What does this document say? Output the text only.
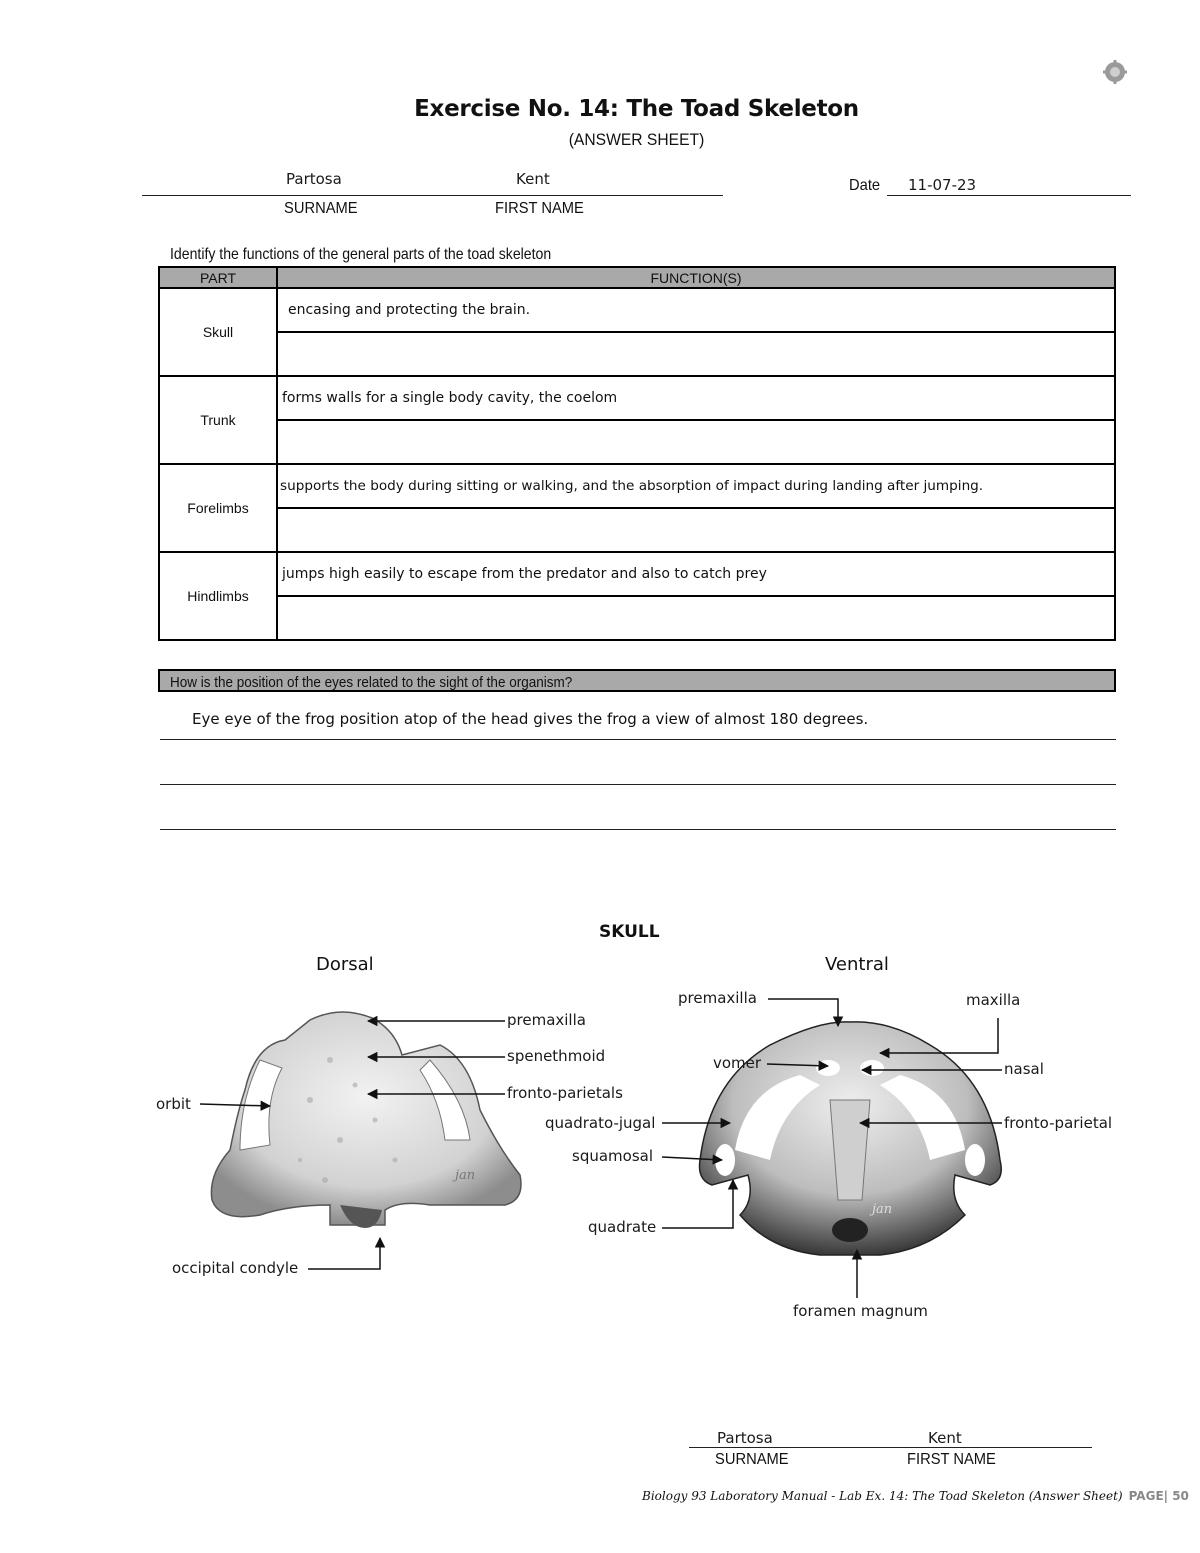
Exercise No. 14: The Toad Skeleton
(ANSWER SHEET)
Partosa	Kent
SURNAME	FIRST NAME
Date 11-07-23
Identify the functions of the general parts of the toad skeleton
PART	FUNCTION(S)
Skull	encasing and protecting the brain.

Trunk	forms walls for a single body cavity, the coelom

Forelimbs	supports the body during sitting or walking, and the absorption of impact during landing after jumping.

Hindlimbs	jumps high easily to escape from the predator and also to catch prey

How is the position of the eyes related to the sight of the organism?
Eye eye of the frog position atop of the head gives the frog a view of almost 180 degrees.
SKULL
Dorsal	Ventral
premaxilla
spenethmoid
fronto-parietals
orbit
occipital condyle
premaxilla	maxilla
vomer	nasal
quadrato-jugal	fronto-parietal
squamosal
quadrate
foramen magnum
jan
jan
Partosa	Kent
SURNAME	FIRST NAME
Biology 93 Laboratory Manual - Lab Ex. 14: The Toad Skeleton (Answer Sheet) PAGE| 50
